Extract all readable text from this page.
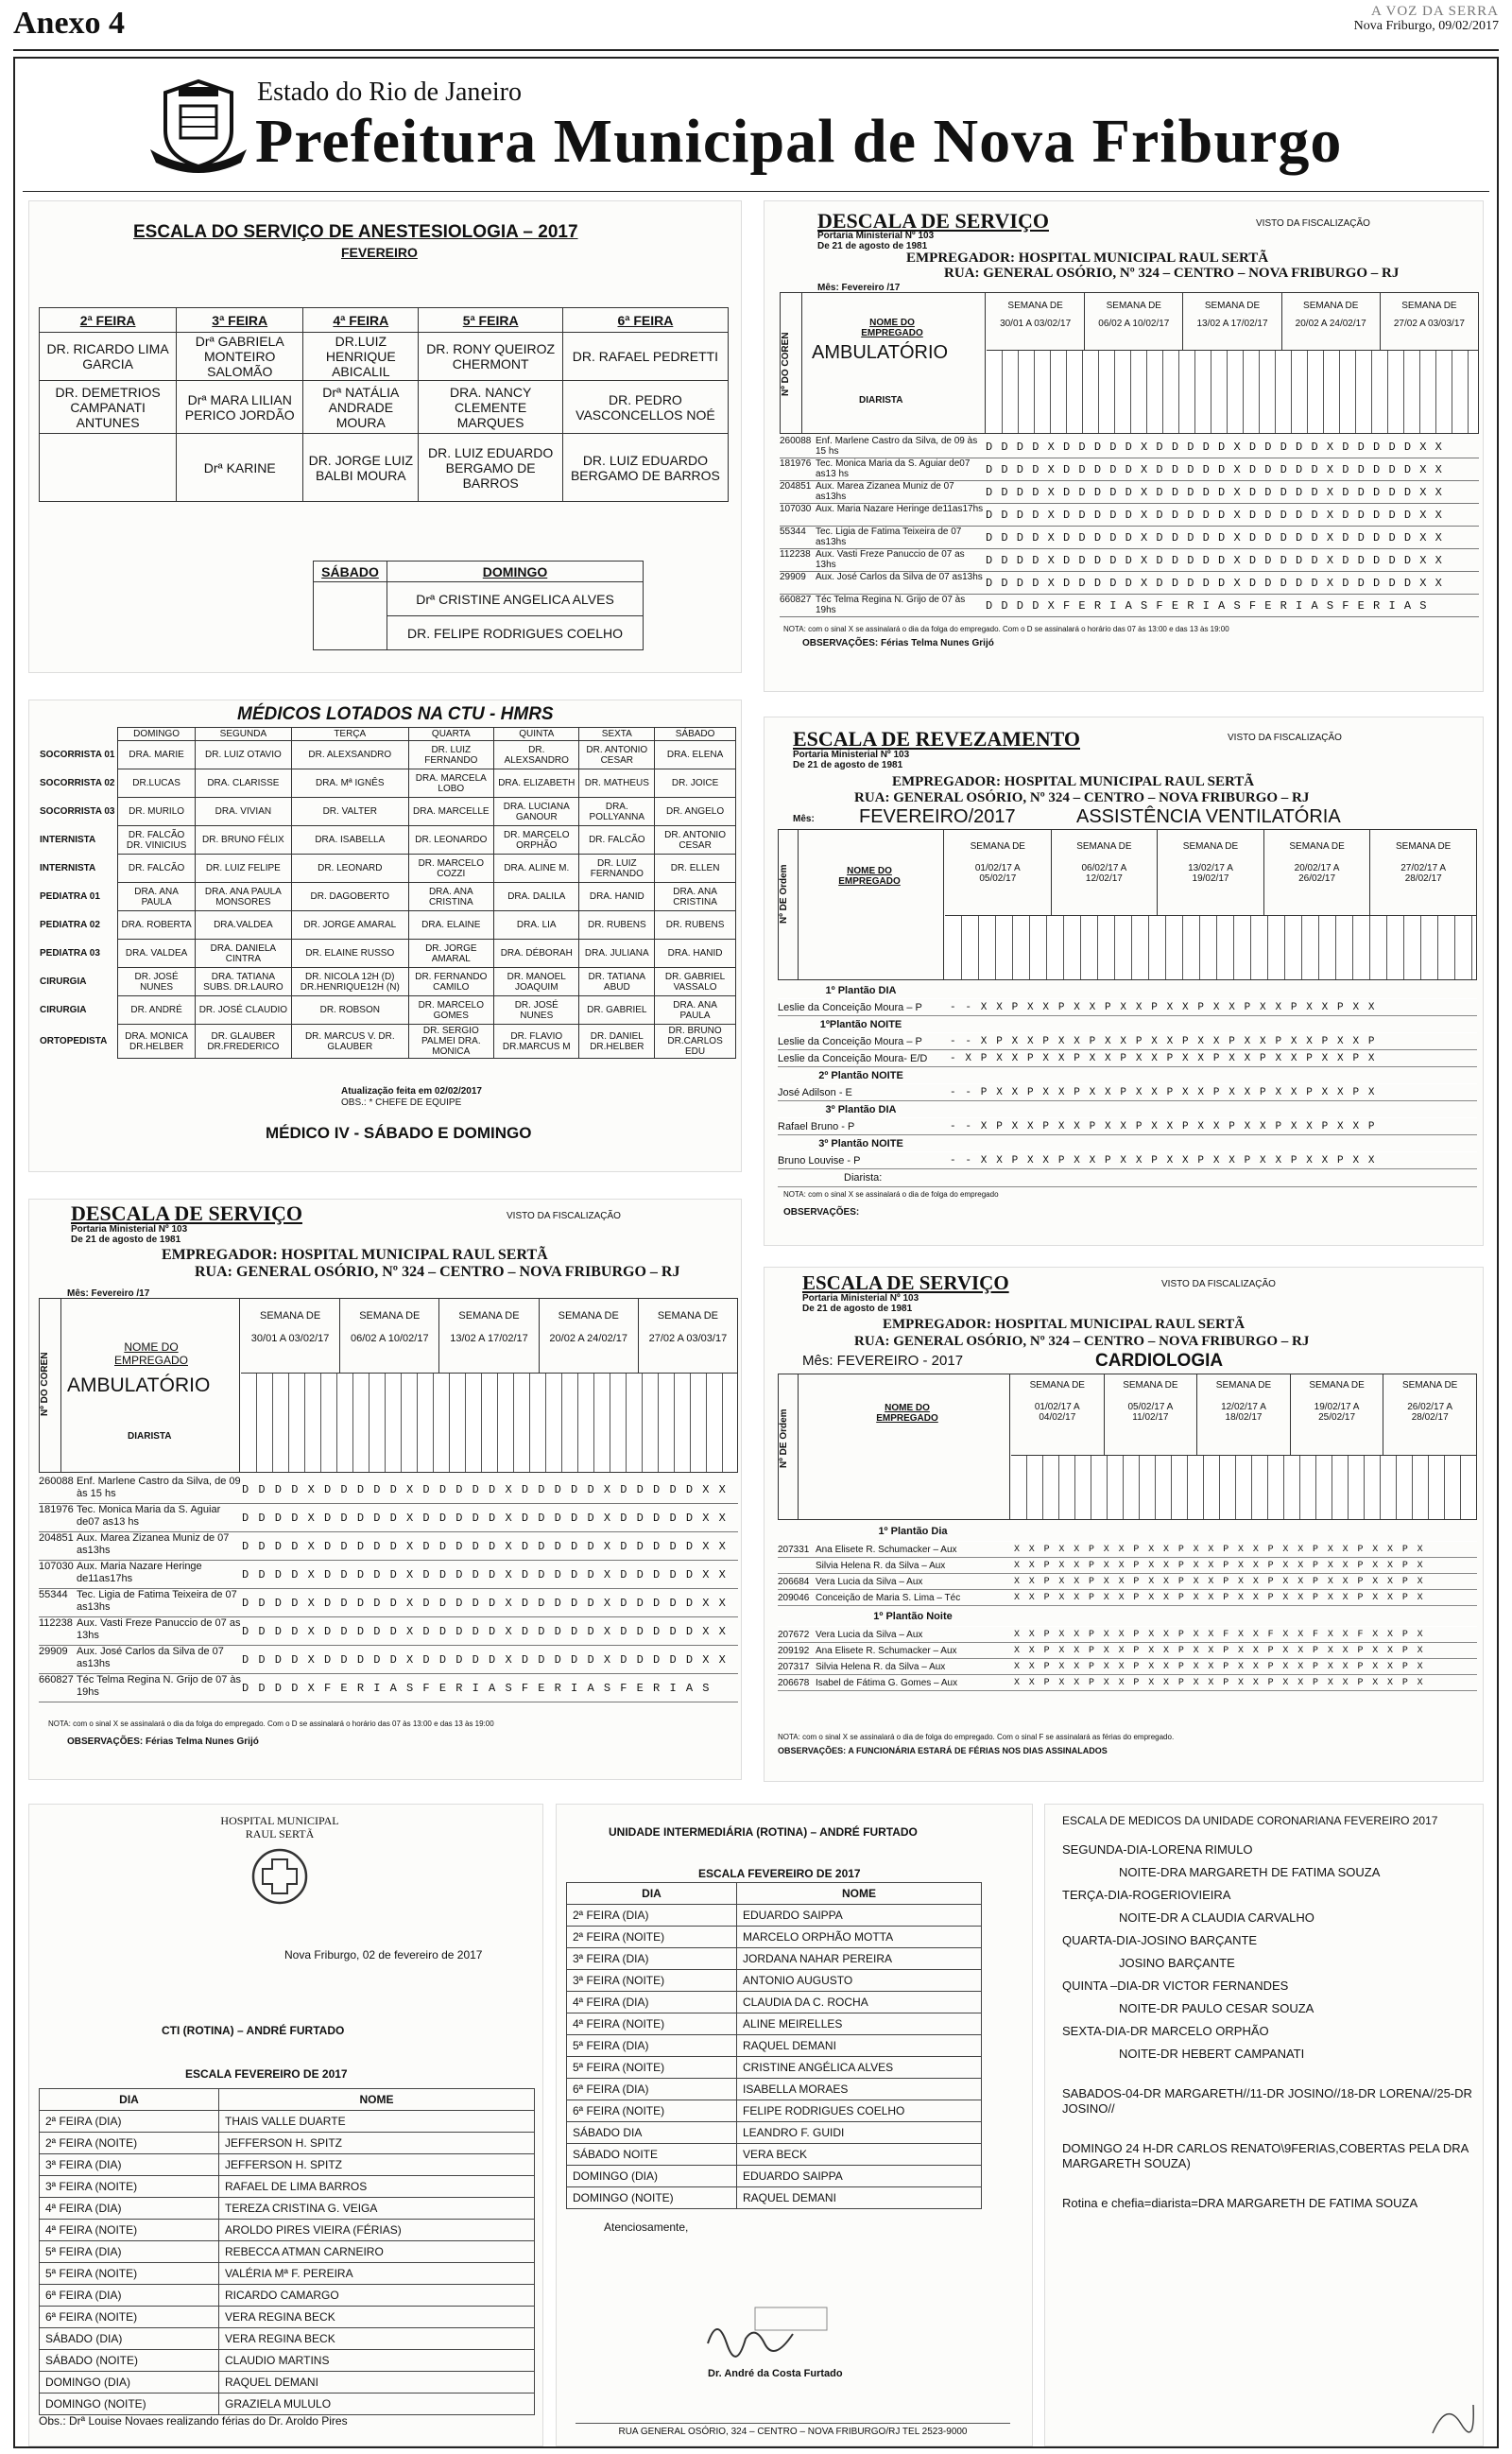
Anexo 4	A VOZ DA SERRA
Nova Friburgo, 09/02/2017
Estado do Rio de Janeiro
Prefeitura Municipal de Nova Friburgo
ESCALA DO SERVIÇO DE ANESTESIOLOGIA – 2017
FEVEREIRO
2ª FEIRA	3ª FEIRA	4ª FEIRA	5ª FEIRA	6ª FEIRA
DR. RICARDO LIMA GARCIA	Drª GABRIELA MONTEIRO SALOMÃO	DR.LUIZ HENRIQUE ABICALIL	DR. RONY QUEIROZ CHERMONT	DR. RAFAEL PEDRETTI
DR. DEMETRIOS CAMPANATI ANTUNES	Drª MARA LILIAN PERICO JORDÃO	Drª NATÁLIA ANDRADE MOURA	DRA. NANCY CLEMENTE MARQUES	DR. PEDRO VASCONCELLOS NOÉ
	Drª KARINE	DR. JORGE LUIZ BALBI MOURA	DR. LUIZ EDUARDO BERGAMO DE BARROS	DR. LUIZ EDUARDO BERGAMO DE BARROS
SÁBADO	DOMINGO
	Drª CRISTINE ANGELICA ALVES
	DR. FELIPE RODRIGUES COELHO
DESCALA DE SERVIÇO
Portaria Ministerial Nº 103
De 21 de agosto de 1981
VISTO DA FISCALIZAÇÃO
EMPREGADOR: HOSPITAL MUNICIPAL RAUL SERTÃ
RUA: GENERAL OSÓRIO, Nº 324 – CENTRO – NOVA FRIBURGO – RJ
Mês: Fevereiro /17
Nº DO COREN
NOME DO EMPREGADO
AMBULATÓRIO
DIARISTA
SEMANA DE
30/01 A 03/02/17
SEMANA DE
06/02 A 10/02/17
SEMANA DE
13/02 A 17/02/17
SEMANA DE
20/02 A 24/02/17
SEMANA DE
27/02 A 03/03/17
260088 Enf. Marlene Castro da Silva, de 09 às 15 hs	D D D D X D D D D D X D D D D D X D D D D D X D D D D D X X
181976 Tec. Monica Maria da S. Aguiar de07 as13 hs	D D D D X D D D D D X D D D D D X D D D D D X D D D D D X X
204851 Aux. Marea Zizanea Muniz de 07 as13hs	D D D D X D D D D D X D D D D D X D D D D D X D D D D D X X
107030 Aux. Maria Nazare Heringe de11as17hs D D D D X D D D D D X D D D D D X D D D D D X D D D D D X X
55344	Tec. Ligia de Fatima Teixeira de 07 as13hs	D D D D X D D D D D X D D D D D X D D D D D X D D D D D X X
112238 Aux. Vasti Freze Panuccio de 07 as 13hs	D D D D X D D D D D X D D D D D X D D D D D X D D D D D X X
29909	Aux. José Carlos da Silva de 07 as13hs D D D D X D D D D D X D D D D D X D D D D D X D D D D D X X
660827 Téc Telma Regina N. Grijo de 07 às 19hs	D D D D X F E R I A S F E R I A S F E R I A S F E R I A S
NOTA: com o sinal X se assinalará o dia da folga do empregado. Com o D se assinalará o horário das 07 às 13:00 e das 13 às 19:00
OBSERVAÇÕES: Férias Telma Nunes Grijó
MÉDICOS LOTADOS NA CTU - HMRS
	DOMINGO	SEGUNDA	TERÇA	QUARTA	QUINTA	SEXTA	SÁBADO
SOCORRISTA 01	DRA. MARIE	DR. LUIZ OTAVIO	DR. ALEXSANDRO	DR. LUIZ FERNANDO	DR. ALEXSANDRO	DR. ANTONIO CESAR	DRA. ELENA
SOCORRISTA 02	DR.LUCAS	DRA. CLARISSE	DRA. Mª IGNÊS	DRA. MARCELA LOBO	DRA. ELIZABETH	DR. MATHEUS	DR. JOICE
SOCORRISTA 03	DR. MURILO	DRA. VIVIAN	DR. VALTER	DRA. MARCELLE	DRA. LUCIANA GANOUR	DRA. POLLYANNA	DR. ANGELO
INTERNISTA	DR. FALCÃO DR. VINICIUS	DR. BRUNO FÉLIX	DRA. ISABELLA	DR. LEONARDO	DR. MARCELO ORPHÃO	DR. FALCÃO	DR. ANTONIO CESAR
INTERNISTA	DR. FALCÃO	DR. LUIZ FELIPE	DR. LEONARD	DR. MARCELO COZZI	DRA. ALINE M.	DR. LUIZ FERNANDO	DR. ELLEN
PEDIATRA 01	DRA. ANA PAULA	DRA. ANA PAULA MONSORES	DR. DAGOBERTO	DRA. ANA CRISTINA	DRA. DALILA	DRA. HANID	DRA. ANA CRISTINA
PEDIATRA 02	DRA. ROBERTA	DRA.VALDEA	DR. JORGE AMARAL	DRA. ELAINE	DRA. LIA	DR. RUBENS	DR. RUBENS
PEDIATRA 03	DRA. VALDEA	DRA. DANIELA CINTRA	DR. ELAINE RUSSO	DR. JORGE AMARAL	DRA. DÉBORAH	DRA. JULIANA	DRA. HANID
CIRURGIA	DR. JOSÉ NUNES	DRA. TATIANA SUBS. DR.LAURO	DR. NICOLA 12H (D) DR.HENRIQUE12H (N)	DR. FERNANDO CAMILO	DR. MANOEL JOAQUIM	DR. TATIANA ABUD	DR. GABRIEL VASSALO
CIRURGIA	DR. ANDRÉ	DR. JOSÉ CLAUDIO	DR. ROBSON	DR. MARCELO GOMES	DR. JOSÉ NUNES	DR. GABRIEL	DRA. ANA PAULA
ORTOPEDISTA	DRA. MONICA DR.HELBER	DR. GLAUBER DR.FREDERICO	DR. MARCUS V. DR. GLAUBER	DR. SERGIO PALMEI DRA. MONICA	DR. FLAVIO DR.MARCUS M	DR. DANIEL DR.HELBER	DR. BRUNO DR.CARLOS EDU
Atualização feita em 02/02/2017
OBS.: * CHEFE DE EQUIPE
MÉDICO IV - SÁBADO E DOMINGO
ESCALA DE REVEZAMENTO
Portaria Ministerial Nº 103
De 21 de agosto de 1981
VISTO DA FISCALIZAÇÃO
EMPREGADOR: HOSPITAL MUNICIPAL RAUL SERTÃ
RUA: GENERAL OSÓRIO, Nº 324 – CENTRO – NOVA FRIBURGO – RJ
Mês: FEVEREIRO/2017	ASSISTÊNCIA VENTILATÓRIA
Nº DE Ordem	NOME DO EMPREGADO
SEMANA DE
01/02/17 A 05/02/17
SEMANA DE
06/02/17 A 12/02/17
SEMANA DE
13/02/17 A 19/02/17
SEMANA DE
20/02/17 A 26/02/17
SEMANA DE
27/02/17 A 28/02/17
1º Plantão DIA
Leslie da Conceição Moura – P	- - X X P X X P X X P X X P X X P X X P X X P X X P X X
1ºPlantão NOITE
Leslie da Conceição Moura – P	- - X P X X P X X P X X P X X P X X P X X P X X P X X P
Leslie da Conceição Moura- E/D	- X P X X P X X P X X P X X P X X P X X P X X P X X P X
2º Plantão NOITE
José Adilson - E	- - P X X P X X P X X P X X P X X P X X P X X P X X P X
3º Plantão DIA
Rafael Bruno - P	- - X P X X P X X P X X P X X P X X P X X P X X P X X P
3º Plantão NOITE
Bruno Louvise - P	- - X X P X X P X X P X X P X X P X X P X X P X X P X X
Diarista:
NOTA: com o sinal X se assinalará o dia de folga do empregado
OBSERVAÇÕES:
DESCALA DE SERVIÇO
Portaria Ministerial Nº 103
De 21 de agosto de 1981
VISTO DA FISCALIZAÇÃO
EMPREGADOR: HOSPITAL MUNICIPAL RAUL SERTÃ
RUA: GENERAL OSÓRIO, Nº 324 – CENTRO – NOVA FRIBURGO – RJ
Mês: Fevereiro /17
Nº DO COREN
NOME DO EMPREGADO
AMBULATÓRIO
DIARISTA
SEMANA DE
30/01 A 03/02/17
SEMANA DE
06/02 A 10/02/17
SEMANA DE
13/02 A 17/02/17
SEMANA DE
20/02 A 24/02/17
SEMANA DE
27/02 A 03/03/17
260088 Enf. Marlene Castro da Silva, de 09 às 15 hs	D D D D X D D D D D X D D D D D X D D D D D X D D D D D X X
181976 Tec. Monica Maria da S. Aguiar de07 as13 hs	D D D D X D D D D D X D D D D D X D D D D D X D D D D D X X
204851 Aux. Marea Zizanea Muniz de 07 as13hs	D D D D X D D D D D X D D D D D X D D D D D X D D D D D X X
107030 Aux. Maria Nazare Heringe de11as17hs	D D D D X D D D D D X D D D D D X D D D D D X D D D D D X X
55344 Tec. Ligia de Fatima Teixeira de 07 as13hs	D D D D X D D D D D X D D D D D X D D D D D X D D D D D X X
112238 Aux. Vasti Freze Panuccio de 07 as 13hs	D D D D X D D D D D X D D D D D X D D D D D X D D D D D X X
29909 Aux. José Carlos da Silva de 07 as13hs	D D D D X D D D D D X D D D D D X D D D D D X D D D D D X X
660827 Téc Telma Regina N. Grijo de 07 às 19hs	D D D D X F E R I A S F E R I A S F E R I A S F E R I A S
NOTA: com o sinal X se assinalará o dia da folga do empregado. Com o D se assinalará o horário das 07 às 13:00 e das 13 às 19:00
OBSERVAÇÕES: Férias Telma Nunes Grijó
ESCALA DE SERVIÇO
Portaria Ministerial Nº 103
De 21 de agosto de 1981
VISTO DA FISCALIZAÇÃO
EMPREGADOR: HOSPITAL MUNICIPAL RAUL SERTÃ
RUA: GENERAL OSÓRIO, Nº 324 – CENTRO – NOVA FRIBURGO – RJ
Mês: FEVEREIRO - 2017	CARDIOLOGIA
Nº DE Ordem
NOME DO EMPREGADO
SEMANA DE
01/02/17 A 04/02/17
SEMANA DE
05/02/17 A 11/02/17
SEMANA DE
12/02/17 A 18/02/17
SEMANA DE
19/02/17 A 25/02/17
SEMANA DE
26/02/17 A 28/02/17
1º Plantão Dia
207331 Ana Elisete R. Schumacker – Aux	X X P X X P X X P X X P X X P X X P X X P X X P X X P X
Silvia Helena R. da Silva – Aux	X X P X X P X X P X X P X X P X X P X X P X X P X X P X
206684 Vera Lucia da Silva – Aux	X X P X X P X X P X X P X X P X X P X X P X X P X X P X
209046 Conceição de Maria S. Lima – Téc	X X P X X P X X P X X P X X P X X P X X P X X P X X P X
1º Plantão Noite
207672 Vera Lucia da Silva – Aux	X X P X X P X X P X X P X X F X X F X X F X X F X X P X
209192 Ana Elisete R. Schumacker – Aux	X X P X X P X X P X X P X X P X X P X X P X X P X X P X
207317 Silvia Helena R. da Silva – Aux	X X P X X P X X P X X P X X P X X P X X P X X P X X P X
206678 Isabel de Fátima G. Gomes – Aux	X X P X X P X X P X X P X X P X X P X X P X X P X X P X
NOTA: com o sinal X se assinalará o dia de folga do empregado. Com o sinal F se assinalará as férias do empregado.
OBSERVAÇÕES: A FUNCIONÁRIA ESTARÁ DE FÉRIAS NOS DIAS ASSINALADOS
HOSPITAL MUNICIPAL RAUL SERTÃ
Nova Friburgo, 02 de fevereiro de 2017
CTI (ROTINA) – ANDRÉ FURTADO
ESCALA FEVEREIRO DE 2017
DIA	NOME
2ª FEIRA (DIA)	THAIS VALLE DUARTE
2ª FEIRA (NOITE)	JEFFERSON H. SPITZ
3ª FEIRA (DIA)	JEFFERSON H. SPITZ
3ª FEIRA (NOITE)	RAFAEL DE LIMA BARROS
4ª FEIRA (DIA)	TEREZA CRISTINA G. VEIGA
4ª FEIRA (NOITE)	AROLDO PIRES VIEIRA (FÉRIAS)
5ª FEIRA (DIA)	REBECCA ATMAN CARNEIRO
5ª FEIRA (NOITE)	VALÉRIA Mª F. PEREIRA
6ª FEIRA (DIA)	RICARDO CAMARGO
6ª FEIRA (NOITE)	VERA REGINA BECK
SÁBADO (DIA)	VERA REGINA BECK
SÁBADO (NOITE)	CLAUDIO MARTINS
DOMINGO (DIA)	RAQUEL DEMANI
DOMINGO (NOITE)	GRAZIELA MULULO
Obs.: Drª Louise Novaes realizando férias do Dr. Aroldo Pires
UNIDADE INTERMEDIÁRIA (ROTINA) – ANDRÉ FURTADO
ESCALA FEVEREIRO DE 2017
DIA	NOME
2ª FEIRA (DIA)	EDUARDO SAIPPA
2ª FEIRA (NOITE)	MARCELO ORPHÃO MOTTA
3ª FEIRA (DIA)	JORDANA NAHAR PEREIRA
3ª FEIRA (NOITE)	ANTONIO AUGUSTO
4ª FEIRA (DIA)	CLAUDIA DA C. ROCHA
4ª FEIRA (NOITE)	ALINE MEIRELLES
5ª FEIRA (DIA)	RAQUEL DEMANI
5ª FEIRA (NOITE)	CRISTINE ANGÉLICA ALVES
6ª FEIRA (DIA)	ISABELLA MORAES
6ª FEIRA (NOITE)	FELIPE RODRIGUES COELHO
SÁBADO DIA	LEANDRO F. GUIDI
SÁBADO NOITE	VERA BECK
DOMINGO (DIA)	EDUARDO SAIPPA
DOMINGO (NOITE)	RAQUEL DEMANI
Atenciosamente,
Dr. André da Costa Furtado
RUA GENERAL OSÓRIO, 324 – CENTRO – NOVA FRIBURGO/RJ TEL 2523-9000
ESCALA DE MEDICOS DA UNIDADE CORONARIANA FEVEREIRO 2017

SEGUNDA-DIA-LORENA RIMULO

NOITE-DRA MARGARETH DE FATIMA SOUZA

TERÇA-DIA-ROGERIOVIEIRA

NOITE-DR A CLAUDIA CARVALHO

QUARTA-DIA-JOSINO BARÇANTE

JOSINO BARÇANTE

QUINTA –DIA-DR VICTOR FERNANDES

NOITE-DR PAULO CESAR SOUZA

SEXTA-DIA-DR MARCELO ORPHÃO

NOITE-DR HEBERT CAMPANATI

SABADOS-04-DR MARGARETH//11-DR JOSINO//18-DR LORENA//25-DR JOSINO//

DOMINGO 24 H-DR CARLOS RENATO\9FERIAS,COBERTAS PELA DRA MARGARETH SOUZA)

Rotina e chefia=diarista=DRA MARGARETH DE FATIMA SOUZA
